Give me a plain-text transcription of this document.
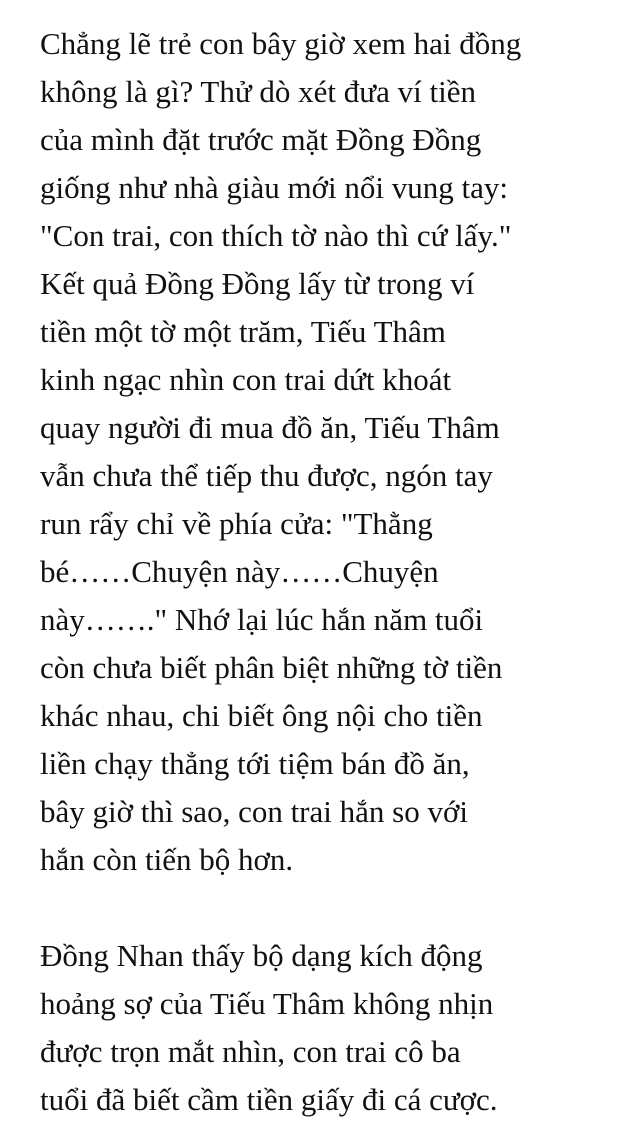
Chẳng lẽ trẻ con bây giờ xem hai đồng
không là gì? Thử dò xét đưa ví tiền
của mình đặt trước mặt Đồng Đồng
giống như nhà giàu mới nổi vung tay:
"Con trai, con thích tờ nào thì cứ lấy."
Kết quả Đồng Đồng lấy từ trong ví
tiền một tờ một trăm, Tiếu Thâm
kinh ngạc nhìn con trai dứt khoát
quay người đi mua đồ ăn, Tiếu Thâm
vẫn chưa thể tiếp thu được, ngón tay
run rẩy chỉ về phía cửa: "Thằng
bé……Chuyện này……Chuyện
này……." Nhớ lại lúc hắn năm tuổi
còn chưa biết phân biệt những tờ tiền
khác nhau, chi biết ông nội cho tiền
liền chạy thẳng tới tiệm bán đồ ăn,
bây giờ thì sao, con trai hắn so với
hắn còn tiến bộ hơn.
Đồng Nhan thấy bộ dạng kích động
hoảng sợ của Tiếu Thâm không nhịn
được trọn mắt nhìn, con trai cô ba
tuổi đã biết cầm tiền giấy đi cá cược.
